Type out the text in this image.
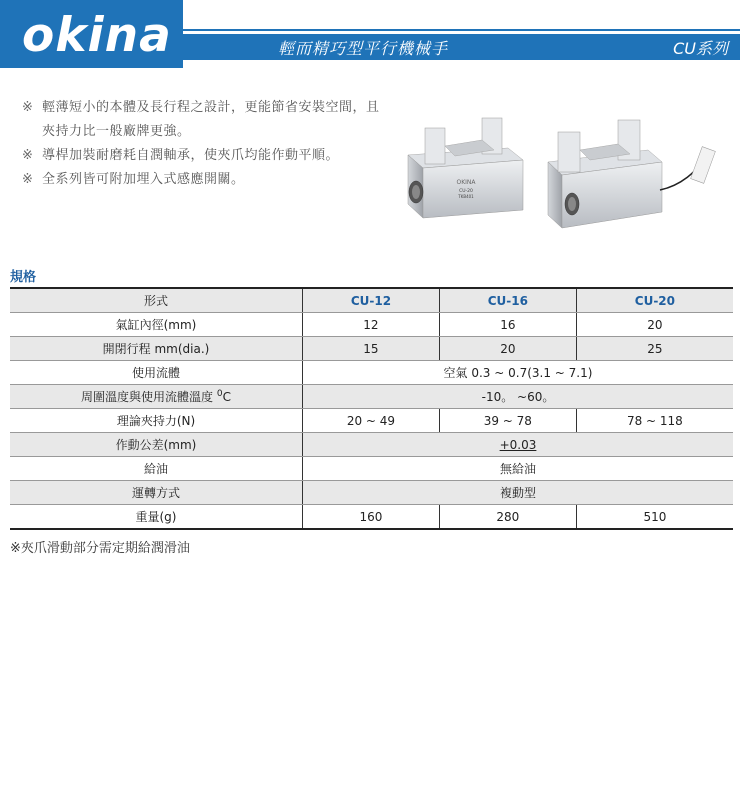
okina	輕而精巧型平行機械手	CU系列
※ 輕薄短小的本體及長行程之設計，更能節省安裝空間，且夾持力比一般廠牌更強。
※ 導桿加裝耐磨耗自潤軸承，使夾爪均能作動平順。
※ 全系列皆可附加埋入式感應開關。	OKINA
CU-20
TKB401
規格
形式	CU-12	CU-16	CU-20
氣缸內徑(mm)	12	16	20
開閉行程 mm(dia.)	15	20	25
使用流體	空氣 0.3 ~ 0.7(3.1 ~ 7.1)		
周圍溫度與使用流體溫度 $^0$C	-10。 ~60。		
理論夾持力(N)	20 ~ 49	39 ~ 78	78 ~ 118
作動公差(mm)	+0.03		
給油	無給油		
運轉方式	複動型		
重量(g)	160	280	510
※夾爪滑動部分需定期給潤滑油
